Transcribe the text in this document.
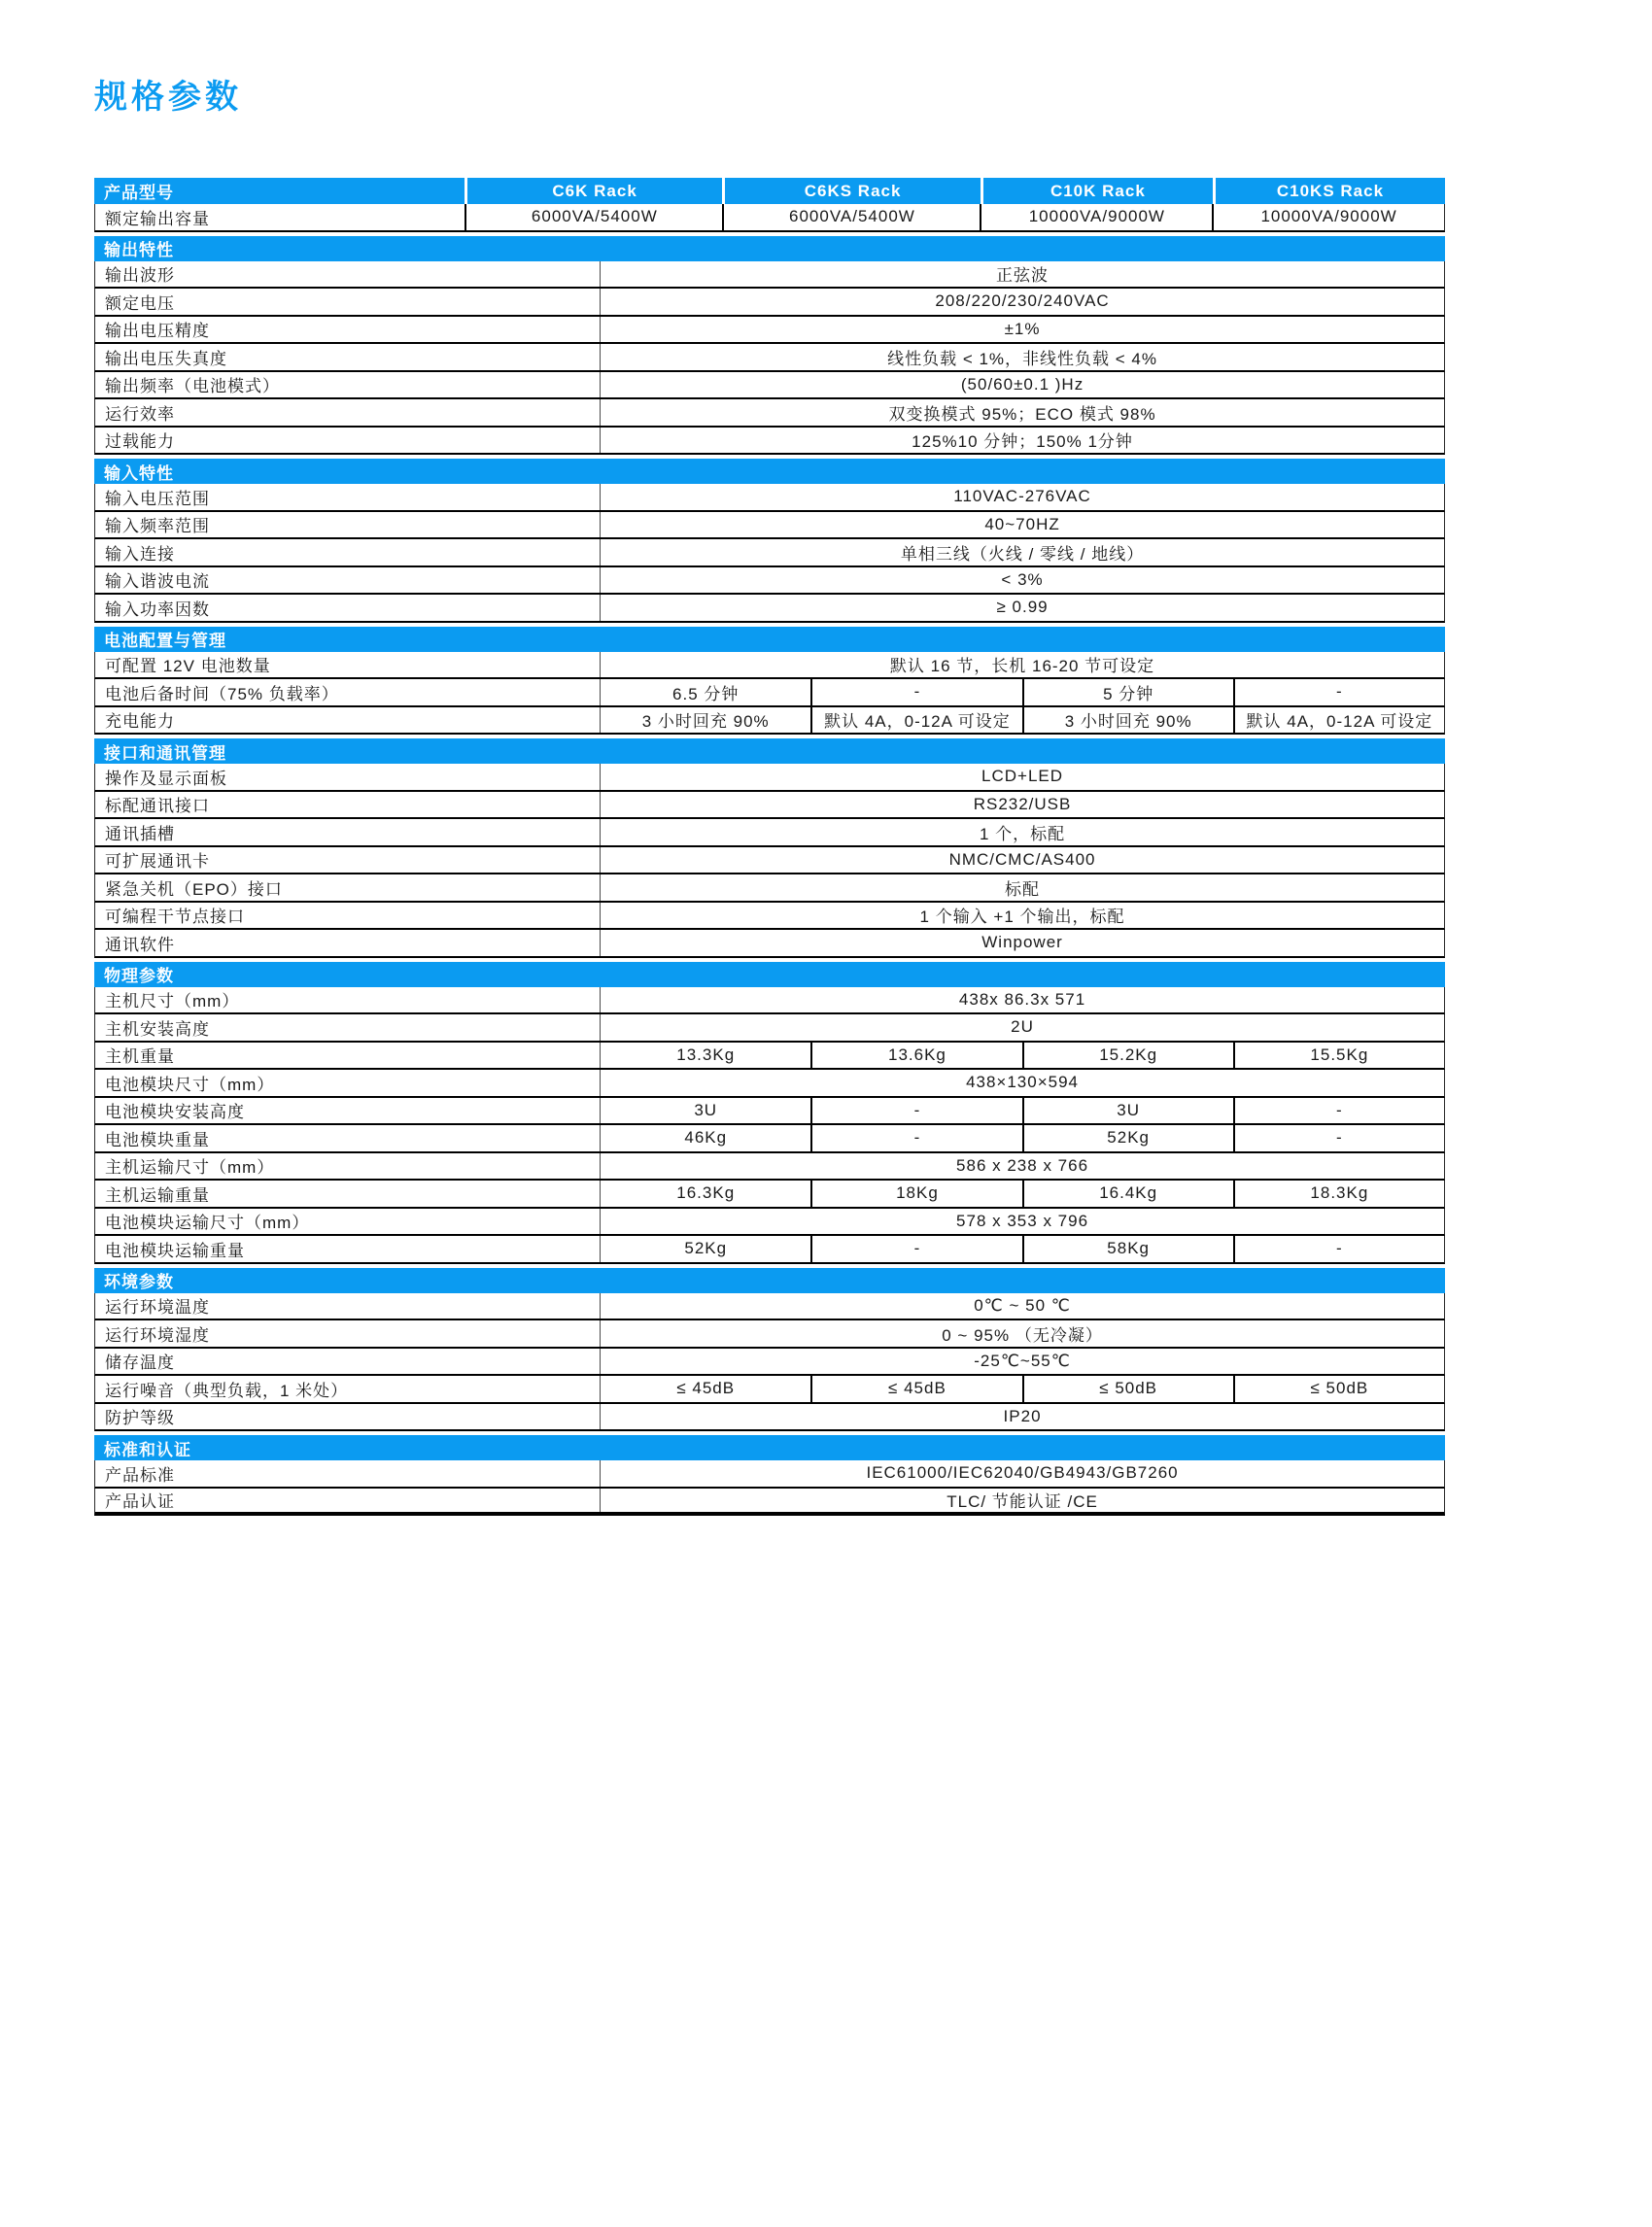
规格参数
产品型号	C6K Rack	C6KS Rack	C10K Rack	C10KS Rack
额定输出容量	6000VA/5400W	6000VA/5400W	10000VA/9000W	10000VA/9000W
输出特性
输出波形	正弦波
额定电压	208/220/230/240VAC
输出电压精度	±1%
输出电压失真度	线性负载 < 1%，非线性负载 < 4%
输出频率（电池模式）	(50/60±0.1 )Hz
运行效率	双变换模式 95%；ECO 模式 98%
过载能力	125%10 分钟；150% 1分钟
输入特性
输入电压范围	110VAC-276VAC
输入频率范围	40~70HZ
输入连接	单相三线（火线 / 零线 / 地线）
输入谐波电流	< 3%
输入功率因数	≥ 0.99
电池配置与管理
可配置 12V 电池数量	默认 16 节，长机 16-20 节可设定
电池后备时间（75% 负载率）	6.5 分钟	-	5 分钟	-
充电能力	3 小时回充 90%	默认 4A，0-12A 可设定	3 小时回充 90%	默认 4A，0-12A 可设定
接口和通讯管理
操作及显示面板	LCD+LED
标配通讯接口	RS232/USB
通讯插槽	1 个，标配
可扩展通讯卡	NMC/CMC/AS400
紧急关机（EPO）接口	标配
可编程干节点接口	1 个输入 +1 个输出，标配
通讯软件	Winpower
物理参数
主机尺寸（mm）	438x 86.3x 571
主机安装高度	2U
主机重量	13.3Kg	13.6Kg	15.2Kg	15.5Kg
电池模块尺寸（mm）	438×130×594
电池模块安装高度	3U	-	3U	-
电池模块重量	46Kg	-	52Kg	-
主机运输尺寸（mm）	586 x 238 x 766
主机运输重量	16.3Kg	18Kg	16.4Kg	18.3Kg
电池模块运输尺寸（mm）	578 x 353 x 796
电池模块运输重量	52Kg	-	58Kg	-
环境参数
运行环境温度	0℃ ~ 50 ℃
运行环境湿度	0 ~ 95% （无冷凝）
储存温度	-25℃~55℃
运行噪音（典型负载，1 米处）	≤ 45dB	≤ 45dB	≤ 50dB	≤ 50dB
防护等级	IP20
标准和认证
产品标准	IEC61000/IEC62040/GB4943/GB7260
产品认证	TLC/ 节能认证 /CE
